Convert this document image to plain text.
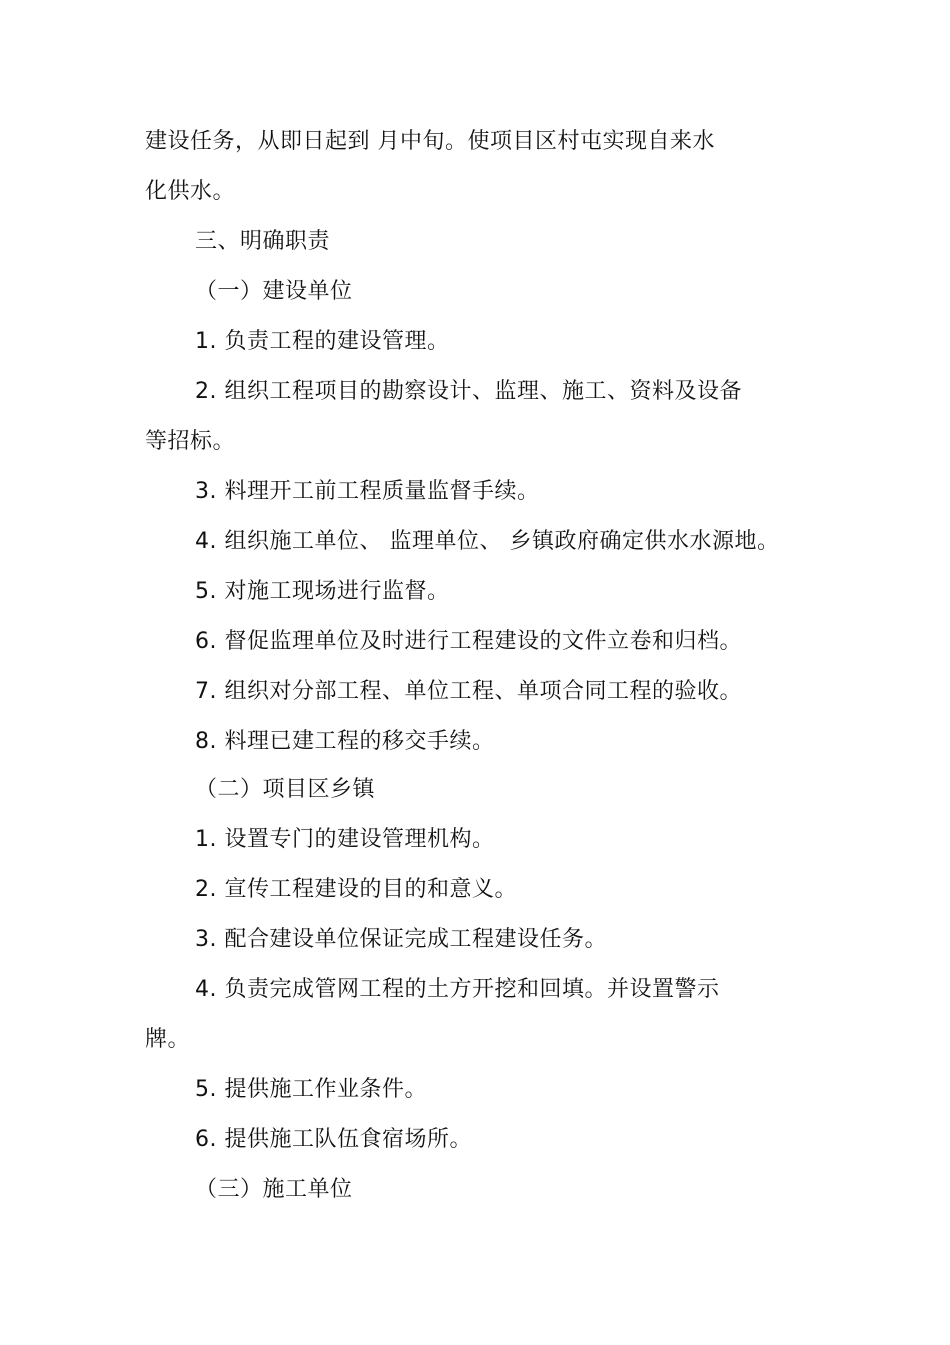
建设任务，从即日起到 月中旬。使项目区村屯实现自来水
化供水。
三、明确职责
（一）建设单位
1. 负责工程的建设管理。
2. 组织工程项目的勘察设计、监理、施工、资料及设备
等招标。
3. 料理开工前工程质量监督手续。
4. 组织施工单位、 监理单位、 乡镇政府确定供水水源地。
5. 对施工现场进行监督。
6. 督促监理单位及时进行工程建设的文件立卷和归档。
7. 组织对分部工程、单位工程、单项合同工程的验收。
8. 料理已建工程的移交手续。
（二）项目区乡镇
1. 设置专门的建设管理机构。
2. 宣传工程建设的目的和意义。
3. 配合建设单位保证完成工程建设任务。
4. 负责完成管网工程的土方开挖和回填。并设置警示
牌。
5. 提供施工作业条件。
6. 提供施工队伍食宿场所。
（三）施工单位
